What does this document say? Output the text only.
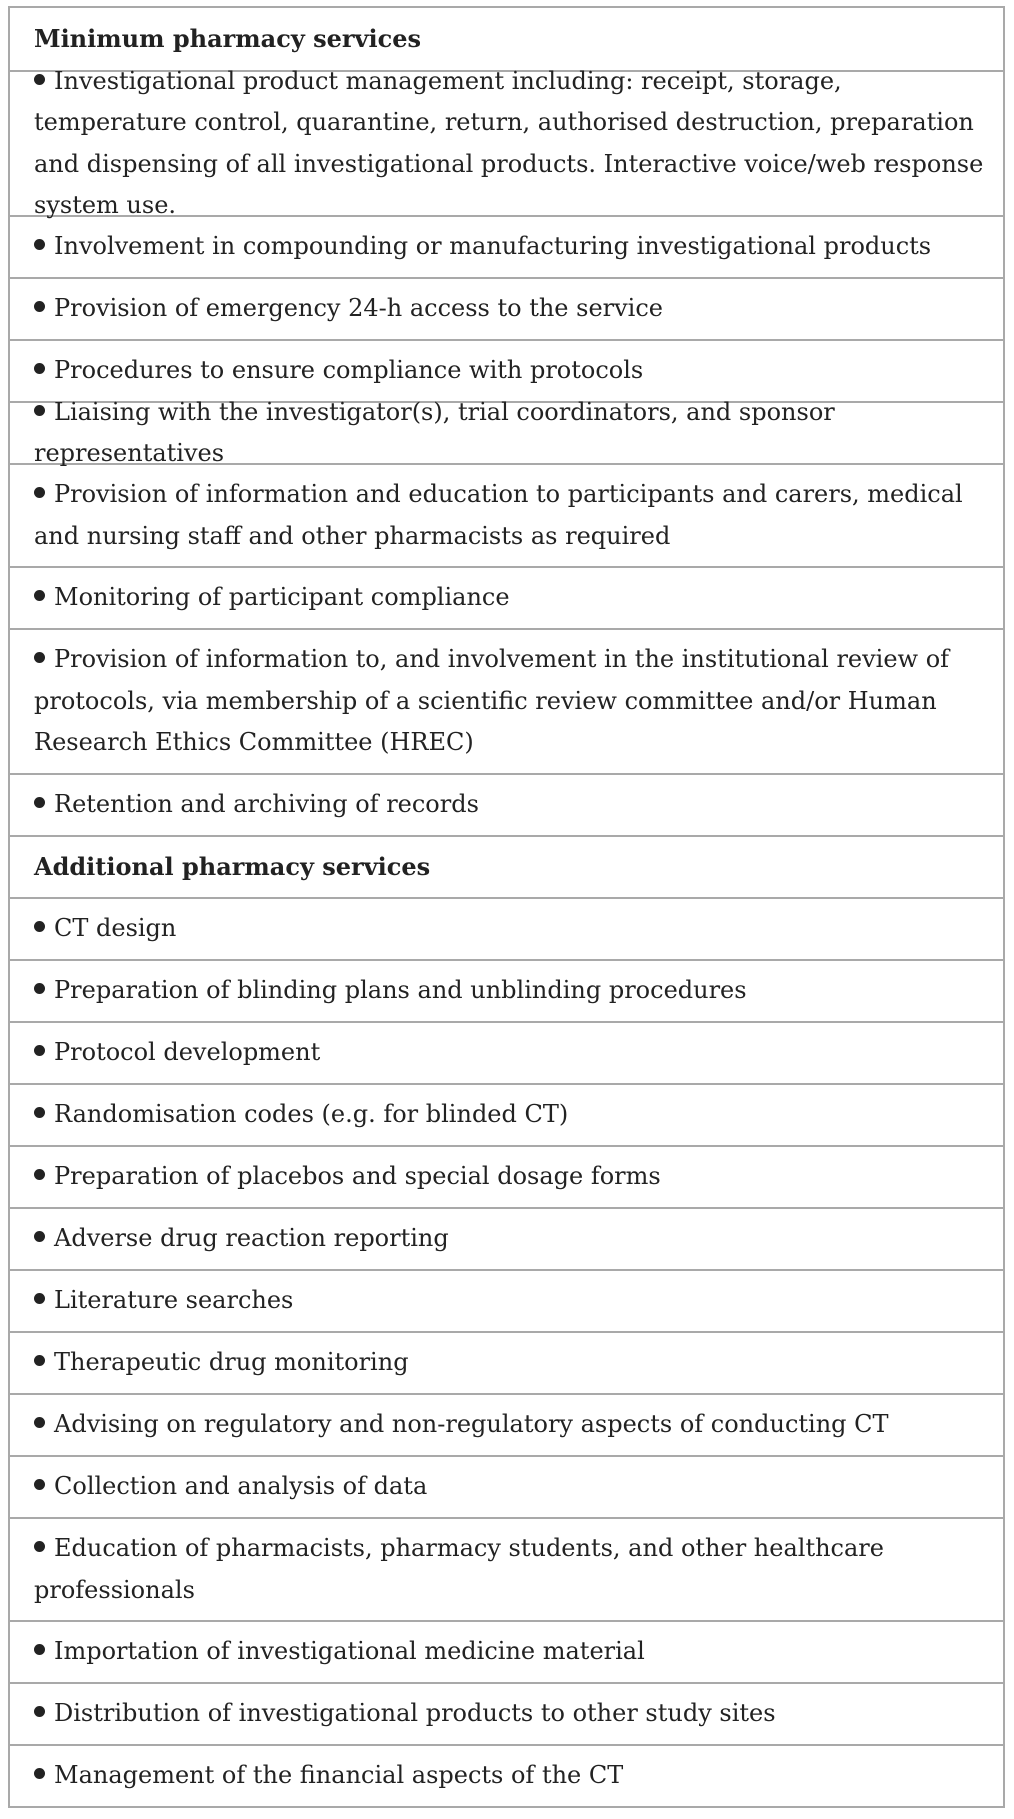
Minimum pharmacy services
Investigational product management including: receipt, storage, temperature control, quarantine, return, authorised destruction, preparation and dispensing of all investigational products. Interactive voice/web response system use.
Involvement in compounding or manufacturing investigational products
Provision of emergency 24-h access to the service
Procedures to ensure compliance with protocols
Liaising with the investigator(s), trial coordinators, and sponsor representatives
Provision of information and education to participants and carers, medical and nursing staff and other pharmacists as required
Monitoring of participant compliance
Provision of information to, and involvement in the institutional review of protocols, via membership of a scientific review committee and/or Human Research Ethics Committee (HREC)
Retention and archiving of records
Additional pharmacy services
CT design
Preparation of blinding plans and unblinding procedures
Protocol development
Randomisation codes (e.g. for blinded CT)
Preparation of placebos and special dosage forms
Adverse drug reaction reporting
Literature searches
Therapeutic drug monitoring
Advising on regulatory and non-regulatory aspects of conducting CT
Collection and analysis of data
Education of pharmacists, pharmacy students, and other healthcare professionals
Importation of investigational medicine material
Distribution of investigational products to other study sites
Management of the financial aspects of the CT
